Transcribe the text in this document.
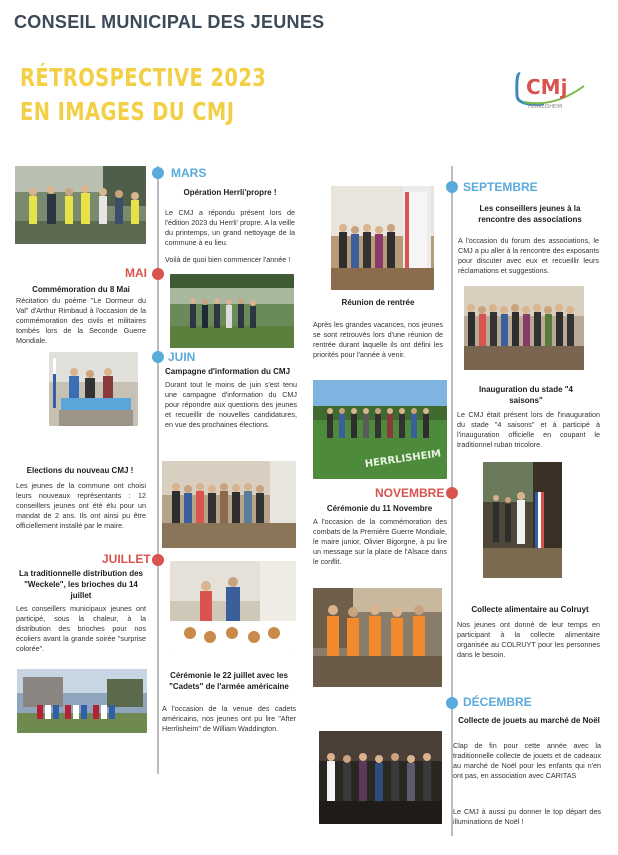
CONSEIL MUNICIPAL DES JEUNES
RÉTROSPECTIVE 2023
EN IMAGES DU CMJ
CMj
HERRLISHEIM
MARS
Opération Herrli'propre !
Le CMJ a répondu présent lors de l'édition 2023 du Herrli' propre. A la veille du printemps, un grand nettoyage de la commune à eu lieu.
Voilà de quoi bien commencer l'année !
MAI
Commémoration du 8 Mai
Récitation du poème "Le Dormeur du Val" d'Arthur Rimbaud à l'occasion de la commémoration des civils et militaires tombés lors de la Seconde Guerre Mondiale.
JUIN
Campagne d'information du CMJ
Durant tout le moins de juin s'est tenu une campagne d'information du CMJ pour répondre aux questions des jeunes et recueillir de nouvelles candidatures, en vue des prochaines élections.
Elections du nouveau CMJ !
Les jeunes de la commune ont choisi leurs nouveaux représentants : 12 conseillers jeunes ont été élu pour un mandat de 2 ans. Ils ont ainsi pu être officiellement installé par le maire.
JUILLET
La traditionnelle distribution des "Weckele", les brioches du 14 juillet
Les conseillers municipaux jeunes ont participé, sous la chaleur, à la distribution des brioches pour nos écoliers avant la grande soirée "surprise colorée".
Cérémonie le 22 juillet avec les "Cadets" de l'armée américaine
A l'occasion de la venue des cadets américains, nos jeunes ont pu lire "After Herrlisheim" de William Waddington.
Réunion de rentrée
Après les grandes vacances, nos jeunes se sont retrouvés lors d'une réunion de rentrée durant laquelle ils ont défini les priorités pour l'année à venir.
HERRLISHEIM
NOVEMBRE
Cérémonie du 11 Novembre
A l'occasion de la commémoration des combats de la Première Guerre Mondiale, le maire junior, Olivier Bigorgne, à pu lire un message sur la place de l'Alsace dans le conflit.
SEPTEMBRE
Les conseillers jeunes à la rencontre des associations
A l'occasion du forum des associations, le CMJ a pu aller à la rencontre des exposants pour discuter avec eux et recueillir leurs réclamations et suggestions.
Inauguration du stade "4 saisons"
Le CMJ était présent lors de l'inauguration du stade "4 saisons" et à participé à l'inauguration officielle en coupant le traditionnel ruban tricolore.
Collecte alimentaire au Colruyt
Nos jeunes ont donné de leur temps en participant à la collecte alimentaire organisée au COLRUYT pour les personnes dans le besoin.
DÉCEMBRE
Collecte de jouets au marché de Noël
Clap de fin pour cette année avec la traditionnelle collecte de jouets et de cadeaux au marché de Noël pour les enfants qui n'en ont pas, en association avec CARITAS
Le CMJ à aussi pu donner le top départ des illuminations de Noël !
